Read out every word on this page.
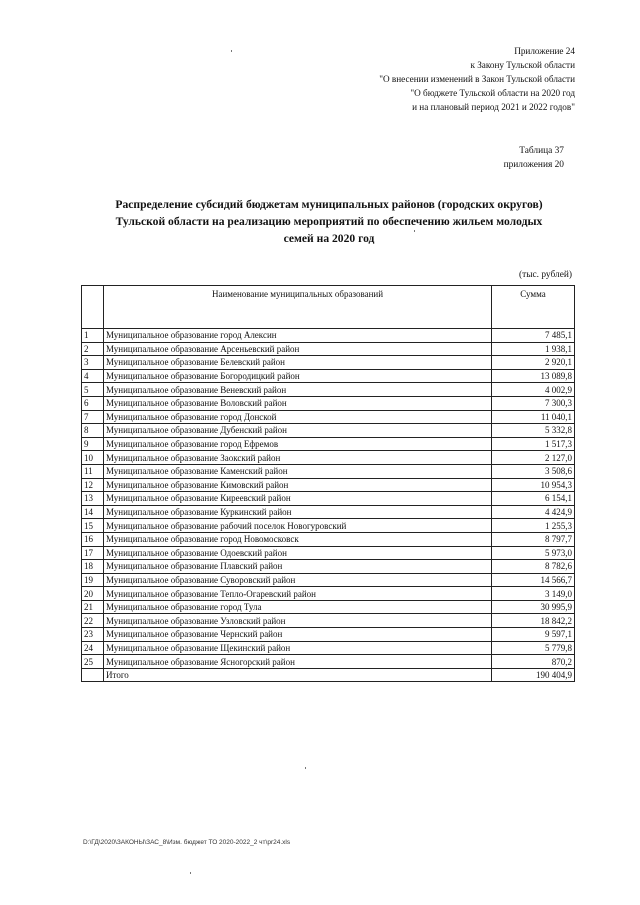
Приложение 24
к Закону Тульской области
"О внесении изменений в Закон Тульской области
"О бюджете Тульской области на 2020 год
и на плановый период 2021 и 2022 годов"
Таблица 37
приложения 20
Распределение субсидий бюджетам муниципальных районов (городских округов)
Тульской области на реализацию мероприятий по обеспечению жильем молодых
семей на 2020 год
(тыс. рублей)
	Наименование муниципальных образований	Сумма
1	Муниципальное образование город Алексин	7 485,1
2	Муниципальное образование Арсеньевский район	1 938,1
3	Муниципальное образование Белевский район	2 920,1
4	Муниципальное образование Богородицкий район	13 089,8
5	Муниципальное образование Веневский район	4 002,9
6	Муниципальное образование Воловский район	7 300,3
7	Муниципальное образование город Донской	11 040,1
8	Муниципальное образование Дубенский район	5 332,8
9	Муниципальное образование город Ефремов	1 517,3
10	Муниципальное образование Заокский район	2 127,0
11	Муниципальное образование Каменский район	3 508,6
12	Муниципальное образование Кимовский район	10 954,3
13	Муниципальное образование Киреевский район	6 154,1
14	Муниципальное образование Куркинский район	4 424,9
15	Муниципальное образование рабочий поселок Новогуровский	1 255,3
16	Муниципальное образование город Новомосковск	8 797,7
17	Муниципальное образование Одоевский район	5 973,0
18	Муниципальное образование Плавский район	8 782,6
19	Муниципальное образование Суворовский район	14 566,7
20	Муниципальное образование Тепло-Огаревский район	3 149,0
21	Муниципальное образование город Тула	30 995,9
22	Муниципальное образование Узловский район	18 842,2
23	Муниципальное образование Чернский район	9 597,1
24	Муниципальное образование Щекинский район	5 779,8
25	Муниципальное образование Ясногорский район	870,2
	Итого	190 404,9
D:\ГД\2020\ЗАКОНЫ\ЗАС_8\Изм. бюджет ТО 2020-2022_2 чт\pr24.xls
